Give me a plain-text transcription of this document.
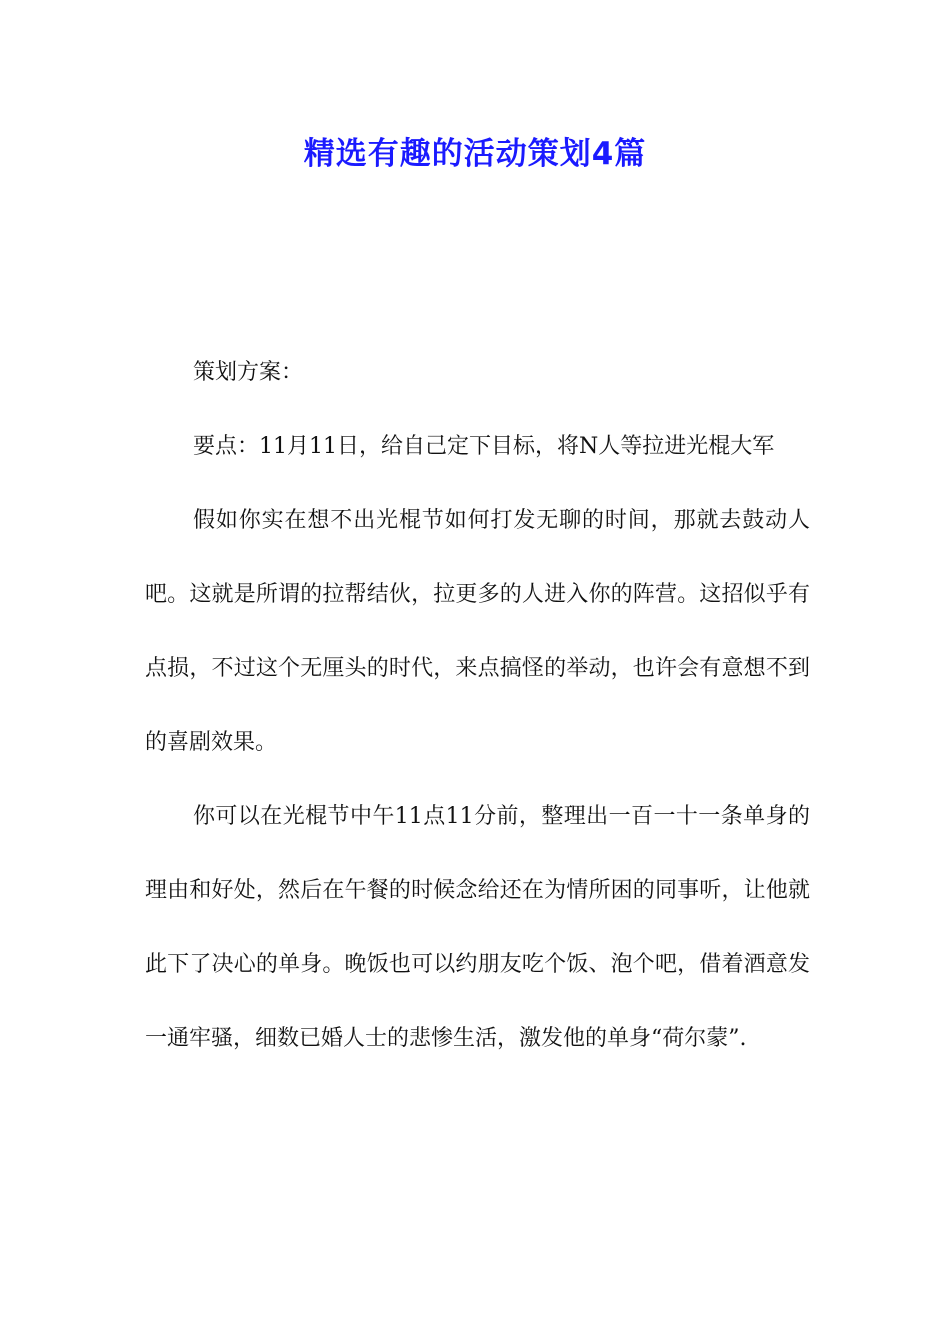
精选有趣的活动策划4篇

策划方案：

要点：11月11日，给自己定下目标，将N人等拉进光棍大军

假如你实在想不出光棍节如何打发无聊的时间，那就去鼓动人吧。这就是所谓的拉帮结伙，拉更多的人进入你的阵营。这招似乎有点损，不过这个无厘头的时代，来点搞怪的举动，也许会有意想不到的喜剧效果。

你可以在光棍节中午11点11分前，整理出一百一十一条单身的理由和好处，然后在午餐的时候念给还在为情所困的同事听，让他就此下了决心的单身。晚饭也可以约朋友吃个饭、泡个吧，借着酒意发一通牢骚，细数已婚人士的悲惨生活，激发他的单身“荷尔蒙”.
